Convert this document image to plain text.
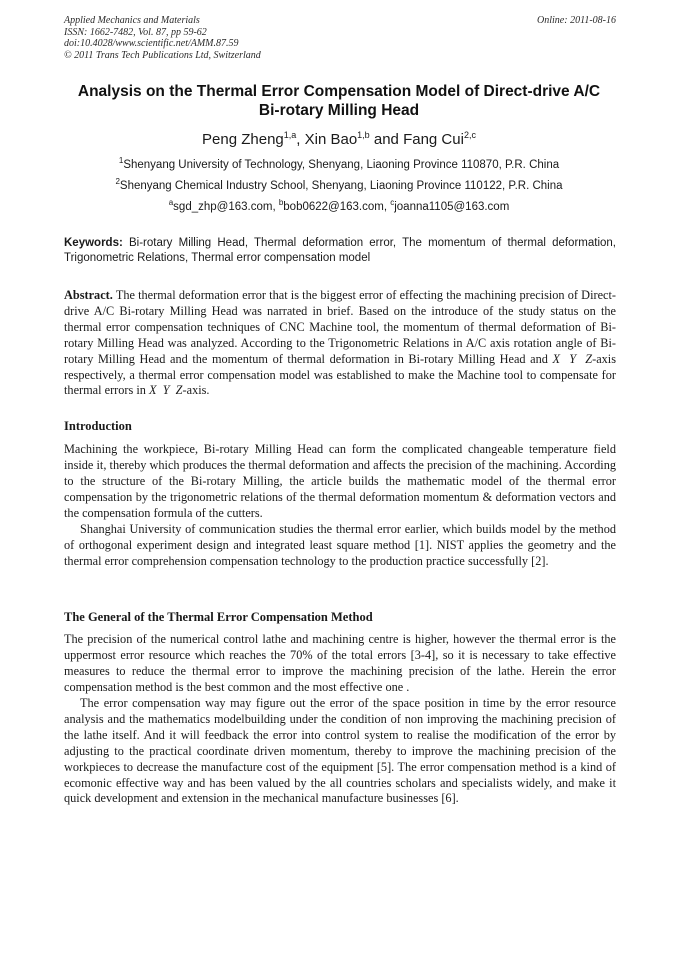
Applied Mechanics and Materials
ISSN: 1662-7482, Vol. 87, pp 59-62
doi:10.4028/www.scientific.net/AMM.87.59
© 2011 Trans Tech Publications Ltd, Switzerland
Online: 2011-08-16
Analysis on the Thermal Error Compensation Model of Direct-drive A/C
Bi-rotary Milling Head
Peng Zheng$^{1,a}$, Xin Bao$^{1,b}$ and Fang Cui$^{2,c}$
$^1$Shenyang University of Technology, Shenyang, Liaoning Province 110870, P.R. China
$^2$Shenyang Chemical Industry School, Shenyang, Liaoning Province 110122, P.R. China
$^a$sgd_zhp@163.com, $^b$bob0622@163.com, $^c$joanna1105@163.com
Keywords: Bi-rotary Milling Head, Thermal deformation error, The momentum of thermal deformation, Trigonometric Relations, Thermal error compensation model
Abstract. The thermal deformation error that is the biggest error of effecting the machining precision of Direct-drive A/C Bi-rotary Milling Head was narrated in brief. Based on the introduce of the study status on the thermal error compensation techniques of CNC Machine tool, the momentum of thermal deformation of Bi-rotary Milling Head was analyzed. According to the Trigonometric Relations in A/C axis rotation angle of Bi-rotary Milling Head and the momentum of thermal deformation in Bi-rotary Milling Head and X  Y  Z-axis respectively, a thermal error compensation model was established to make the Machine tool to compensate for thermal errors in X  Y  Z-axis.
Introduction
Machining the workpiece, Bi-rotary Milling Head can form the complicated changeable temperature field inside it, thereby which produces the thermal deformation and affects the precision of the machining. According to the structure of the Bi-rotary Milling, the article builds the mathematic model of the thermal error compensation by the trigonometric relations of the thermal deformation momentum & deformation vectors and the compensation formula of the cutters.
Shanghai University of communication studies the thermal error earlier, which builds model by the method of orthogonal experiment design and integrated least square method [1]. NIST applies the geometry and the thermal error comprehension compensation technology to the production practice successfully [2].
The General of the Thermal Error Compensation Method
The precision of the numerical control lathe and machining centre is higher, however the thermal error is the uppermost error resource which reaches the 70% of the total errors [3-4], so it is necessary to take effective measures to reduce the thermal error to improve the machining precision of the lathe. Herein the error compensation method is the best common and the most effective one .
The error compensation way may figure out the error of the space position in time by the error resource analysis and the mathematics modelbuilding under the condition of non improving the machining precision of the lathe itself. And it will feedback the error into control system to realise the modification of the error by adjusting to the practical coordinate driven momentum, thereby to improve the machining precision of the workpieces to decrease the manufacture cost of the equipment [5]. The error compensation method is a kind of ecomonic effective way and has been valued by the all countries scholars and specialists widely, and make it quick development and extension in the mechanical manufacture businesses [6].
